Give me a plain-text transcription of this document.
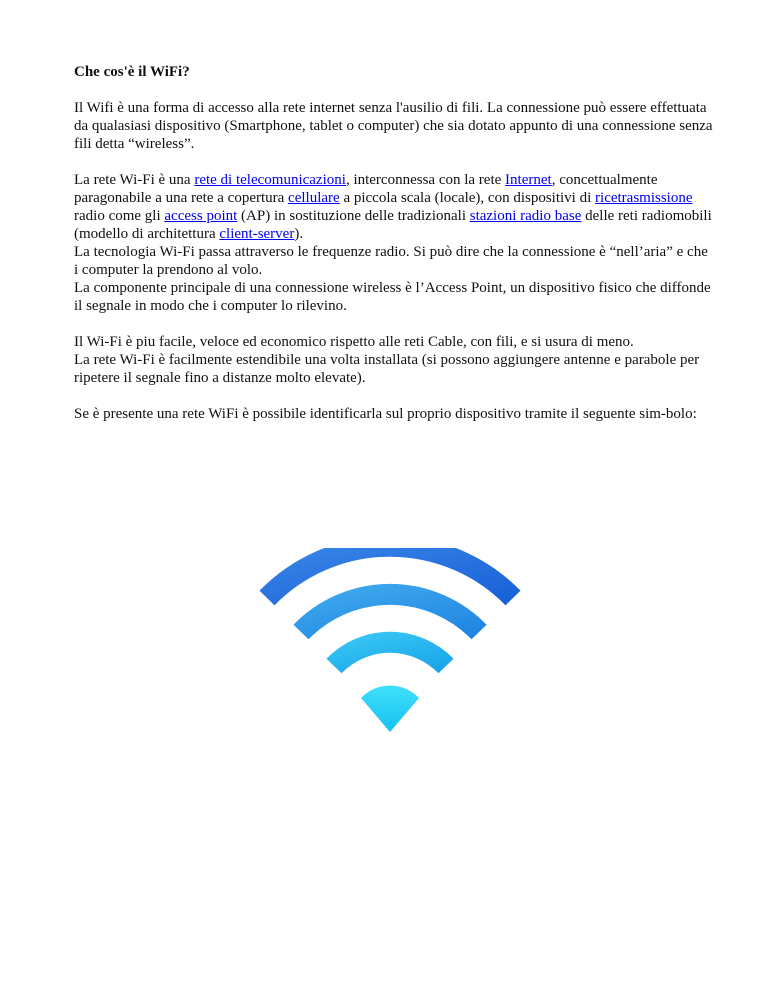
Che cos'è il WiFi?

Il Wifi è una forma di accesso alla rete internet senza l'ausilio di fili. La connessione può essere effettuata da qualasiasi dispositivo (Smartphone, tablet o computer) che sia dotato appunto di una connessione senza fili detta “wireless”.

La rete Wi-Fi è una rete di telecomunicazioni, interconnessa con la rete Internet, concettualmente paragonabile a una rete a copertura cellulare a piccola scala (locale), con dispositivi di ricetrasmissione radio come gli access point (AP) in sostituzione delle tradizionali stazioni radio base delle reti radiomobili (modello di architettura client-server).
La tecnologia Wi-Fi passa attraverso le frequenze radio. Si può dire che la connessione è “nell’aria” e che i computer la prendono al volo.
La componente principale di una connessione wireless è l’Access Point, un dispositivo fisico che diffonde il segnale in modo che i computer lo rilevino.

Il Wi-Fi è piu facile, veloce ed economico rispetto alle reti Cable, con fili, e si usura di meno.
La rete Wi-Fi è facilmente estendibile una volta installata (si possono aggiungere antenne e parabole per ripetere il segnale fino a distanze molto elevate).

Se è presente una rete WiFi è possibile identificarla sul proprio dispositivo tramite il seguente sim-bolo:
